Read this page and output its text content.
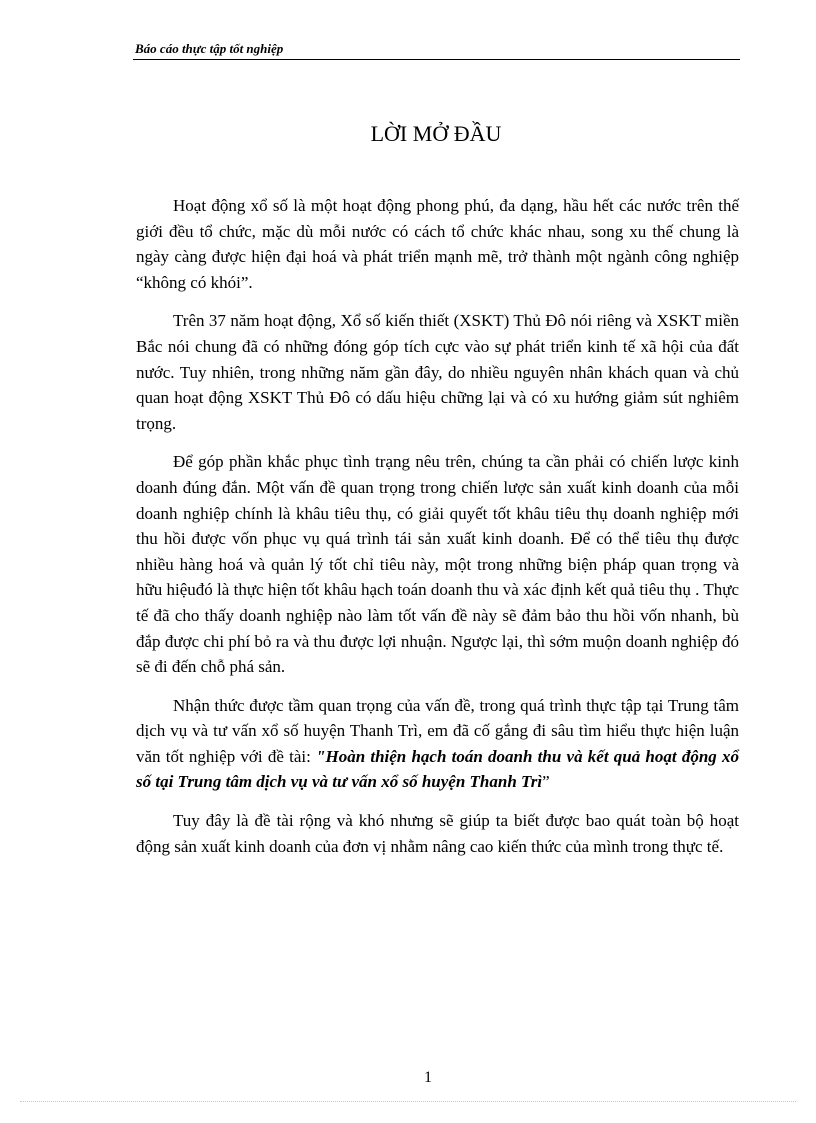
Báo cáo thực tập tốt nghiệp
LỜI MỞ ĐẦU

Hoạt động xổ số là một hoạt động phong phú, đa dạng, hầu hết các nước trên thế giới đều tổ chức, mặc dù mỗi nước có cách tổ chức khác nhau, song xu thế chung là ngày càng được hiện đại hoá và phát triển mạnh mẽ, trở thành một ngành công nghiệp “không có khói”.

Trên 37 năm hoạt động, Xổ số kiến thiết (XSKT) Thủ Đô nói riêng và XSKT miền Bắc nói chung đã có những đóng góp tích cực vào sự phát triển kinh tế xã hội của đất nước. Tuy nhiên, trong những năm gần đây, do nhiều nguyên nhân khách quan và chủ quan hoạt động XSKT Thủ Đô có dấu hiệu chững lại và có xu hướng giảm sút nghiêm trọng.

Để góp phần khắc phục tình trạng nêu trên, chúng ta cần phải có chiến lược kinh doanh đúng đắn. Một vấn đề quan trọng trong chiến lược sản xuất kinh doanh của mỗi doanh nghiệp chính là khâu tiêu thụ, có giải quyết tốt khâu tiêu thụ doanh nghiệp mới thu hồi được vốn phục vụ quá trình tái sản xuất kinh doanh. Để có thể tiêu thụ được nhiều hàng hoá và quản lý tốt chỉ tiêu này, một trong những biện pháp quan trọng và hữu hiệuđó là thực hiện tốt khâu hạch toán doanh thu và xác định kết quả tiêu thụ . Thực tế đã cho thấy doanh nghiệp nào làm tốt vấn đề này sẽ đảm bảo thu hồi vốn nhanh, bù đắp được chi phí bỏ ra và thu được lợi nhuận. Ngược lại, thì sớm muộn doanh nghiệp đó sẽ đi đến chỗ phá sản.

Nhận thức được tầm quan trọng của vấn đề, trong quá trình thực tập tại Trung tâm dịch vụ và tư vấn xổ số huyện Thanh Trì, em đã cố gắng đi sâu tìm hiểu thực hiện luận văn tốt nghiệp với đề tài: "Hoàn thiện hạch toán doanh thu và kết quả hoạt động xổ số tại Trung tâm dịch vụ và tư vấn xổ số huyện Thanh Trì”

Tuy đây là đề tài rộng và khó nhưng sẽ giúp ta biết được bao quát toàn bộ hoạt động sản xuất kinh doanh của đơn vị nhằm nâng cao kiến thức của mình trong thực tế.

1
